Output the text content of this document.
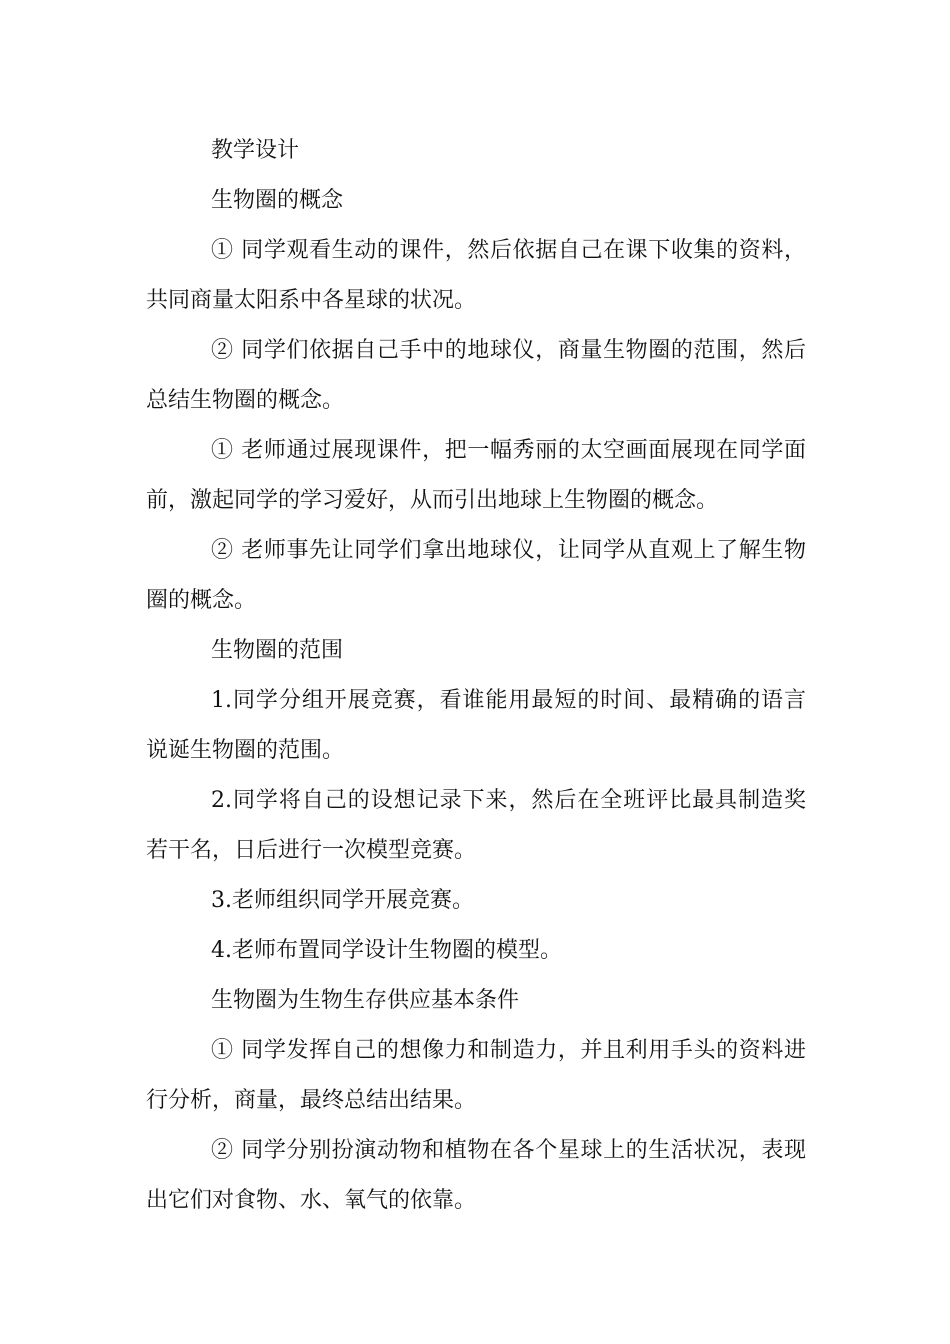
教学设计
生物圈的概念
① 同学观看生动的课件，然后依据自己在课下收集的资料，
共同商量太阳系中各星球的状况。
② 同学们依据自己手中的地球仪，商量生物圈的范围，然后
总结生物圈的概念。
① 老师通过展现课件，把一幅秀丽的太空画面展现在同学面
前，激起同学的学习爱好，从而引出地球上生物圈的概念。
② 老师事先让同学们拿出地球仪，让同学从直观上了解生物
圈的概念。
生物圈的范围
1.同学分组开展竞赛，看谁能用最短的时间、最精确的语言
说诞生物圈的范围。
2.同学将自己的设想记录下来，然后在全班评比最具制造奖
若干名，日后进行一次模型竞赛。
3.老师组织同学开展竞赛。
4.老师布置同学设计生物圈的模型。
生物圈为生物生存供应基本条件
① 同学发挥自己的想像力和制造力，并且利用手头的资料进
行分析，商量，最终总结出结果。
② 同学分别扮演动物和植物在各个星球上的生活状况，表现
出它们对食物、水、氧气的依靠。
